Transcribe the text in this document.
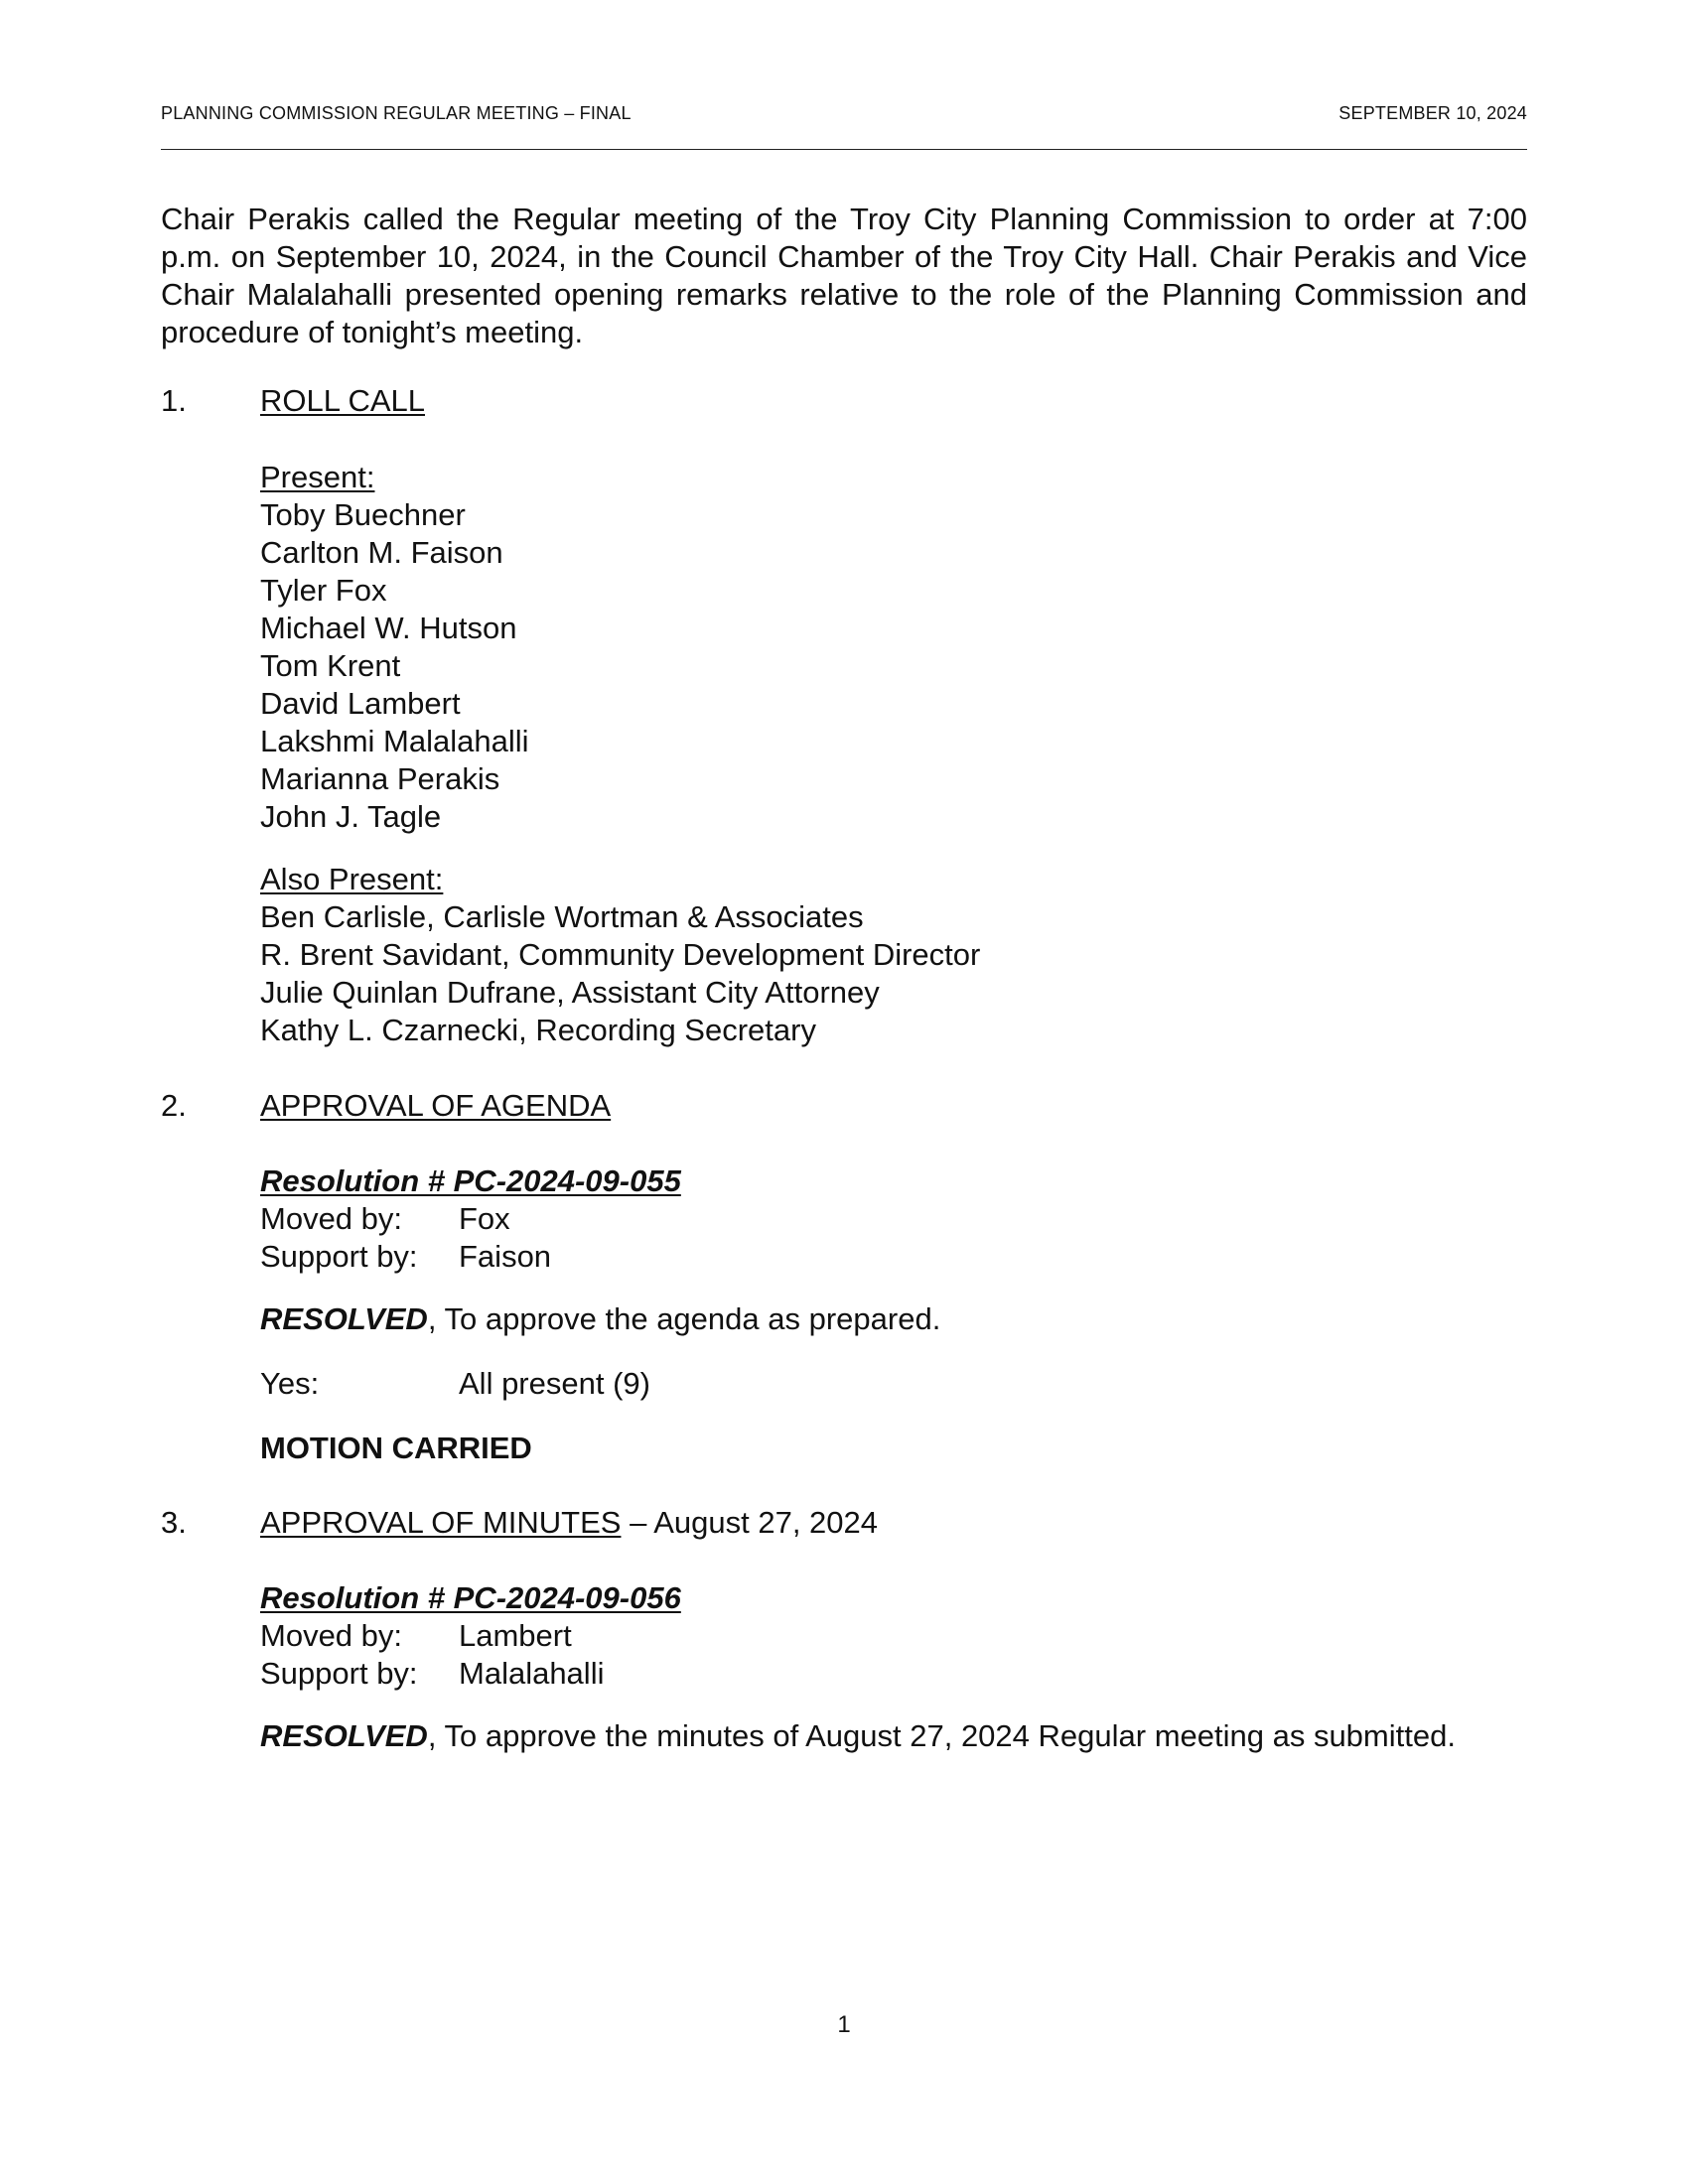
PLANNING COMMISSION REGULAR MEETING – FINAL	SEPTEMBER 10, 2024
Chair Perakis called the Regular meeting of the Troy City Planning Commission to order at 7:00 p.m. on September 10, 2024, in the Council Chamber of the Troy City Hall. Chair Perakis and Vice Chair Malalahalli presented opening remarks relative to the role of the Planning Commission and procedure of tonight’s meeting.
1. ROLL CALL
Present:
Toby Buechner
Carlton M. Faison
Tyler Fox
Michael W. Hutson
Tom Krent
David Lambert
Lakshmi Malalahalli
Marianna Perakis
John J. Tagle
Also Present:
Ben Carlisle, Carlisle Wortman & Associates
R. Brent Savidant, Community Development Director
Julie Quinlan Dufrane, Assistant City Attorney
Kathy L. Czarnecki, Recording Secretary
2. APPROVAL OF AGENDA
Resolution # PC-2024-09-055
Moved by: Fox
Support by: Faison
RESOLVED, To approve the agenda as prepared.
Yes:	All present (9)
MOTION CARRIED
3. APPROVAL OF MINUTES – August 27, 2024
Resolution # PC-2024-09-056
Moved by: Lambert
Support by: Malalahalli
RESOLVED, To approve the minutes of August 27, 2024 Regular meeting as submitted.
1
